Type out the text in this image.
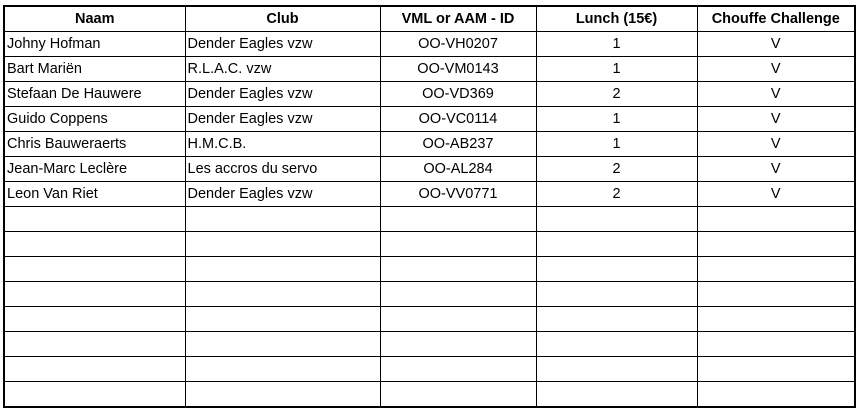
Naam	Club	VML or AAM - ID	Lunch (15€)	Chouffe Challenge
Johny Hofman	Dender Eagles vzw	OO-VH0207	1	V
Bart Mariën	R.L.A.C. vzw	OO-VM0143	1	V
Stefaan De Hauwere	Dender Eagles vzw	OO-VD369	2	V
Guido Coppens	Dender Eagles vzw	OO-VC0114	1	V
Chris Bauweraerts	H.M.C.B.	OO-AB237	1	V
Jean-Marc Leclère	Les accros du servo	OO-AL284	2	V
Leon Van Riet	Dender Eagles vzw	OO-VV0771	2	V
